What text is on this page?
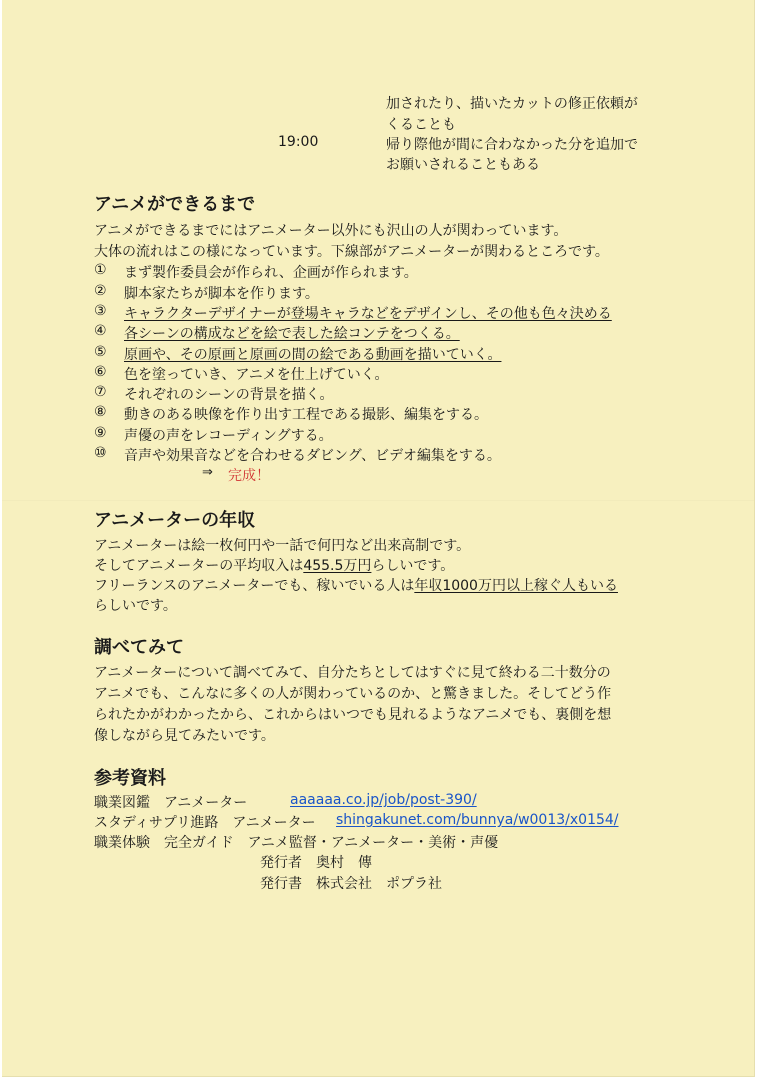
加されたり、描いたカットの修正依頼が
くることも
19:00	帰り際他が間に合わなかった分を追加で
お願いされることもある
アニメができるまで
アニメができるまでにはアニメーター以外にも沢山の人が関わっています。
大体の流れはこの様になっています。下線部がアニメーターが関わるところです。
① まず製作委員会が作られ、企画が作られます。
② 脚本家たちが脚本を作ります。
③ キャラクターデザイナーが登場キャラなどをデザインし、その他も色々決める
④ 各シーンの構成などを絵で表した絵コンテをつくる。
⑤ 原画や、その原画と原画の間の絵である動画を描いていく。
⑥ 色を塗っていき、アニメを仕上げていく。
⑦ それぞれのシーンの背景を描く。
⑧ 動きのある映像を作り出す工程である撮影、編集をする。
⑨ 声優の声をレコーディングする。
⑩ 音声や効果音などを合わせるダビング、ビデオ編集をする。
⇒ 完成！
アニメーターの年収
アニメーターは絵一枚何円や一話で何円など出来高制です。
そしてアニメーターの平均収入は455.5万円らしいです。
フリーランスのアニメーターでも、稼いでいる人は年収1000万円以上稼ぐ人もいる
らしいです。
調べてみて
アニメーターについて調べてみて、自分たちとしてはすぐに見て終わる二十数分の
アニメでも、こんなに多くの人が関わっているのか、と驚きました。そしてどう作
られたかがわかったから、これからはいつでも見れるようなアニメでも、裏側を想
像しながら見てみたいです。
参考資料
職業図鑑　アニメーター	aaaaaa.co.jp/job/post-390/
スタディサプリ進路　アニメーター shingakunet.com/bunnya/w0013/x0154/
職業体験　完全ガイド　アニメ監督・アニメーター・美術・声優
発行者　奥村　傳
発行書　株式会社　ポプラ社
